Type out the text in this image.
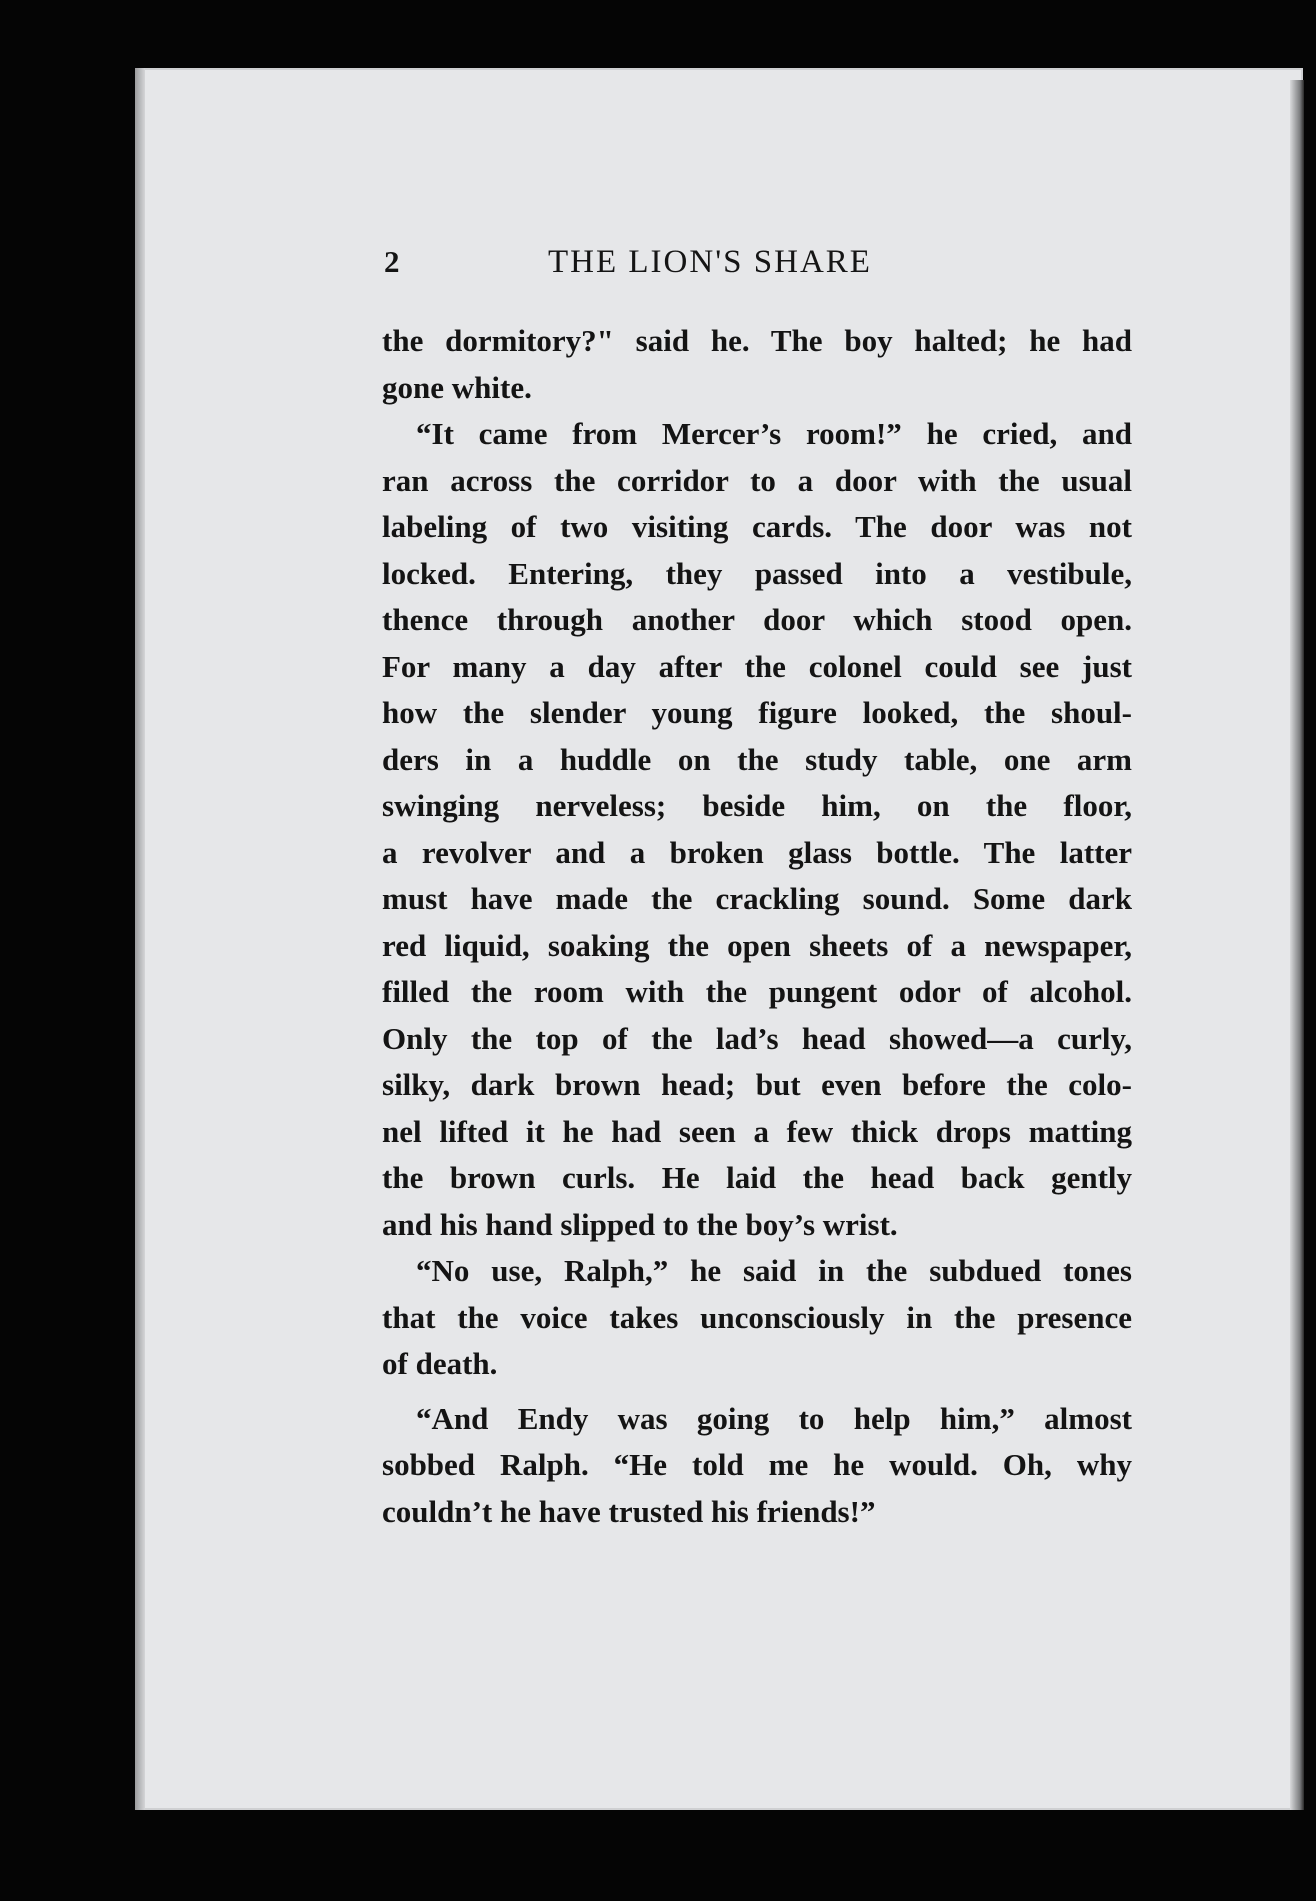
2	THE LION'S SHARE
the dormitory?" said he. The boy halted; he had
gone white.
“It came from Mercer’s room!” he cried, and
ran across the corridor to a door with the usual
labeling of two visiting cards. The door was not
locked. Entering, they passed into a vestibule,
thence through another door which stood open.
For many a day after the colonel could see just
how the slender young figure looked, the shoul-
ders in a huddle on the study table, one arm
swinging nerveless; beside him, on the floor,
a revolver and a broken glass bottle. The latter
must have made the crackling sound. Some dark
red liquid, soaking the open sheets of a newspaper,
filled the room with the pungent odor of alcohol.
Only the top of the lad’s head showed—a curly,
silky, dark brown head; but even before the colo-
nel lifted it he had seen a few thick drops matting
the brown curls. He laid the head back gently
and his hand slipped to the boy’s wrist.
“No use, Ralph,” he said in the subdued tones
that the voice takes unconsciously in the presence
of death.
“And Endy was going to help him,” almost
sobbed Ralph. “He told me he would. Oh, why
couldn’t he have trusted his friends!”
